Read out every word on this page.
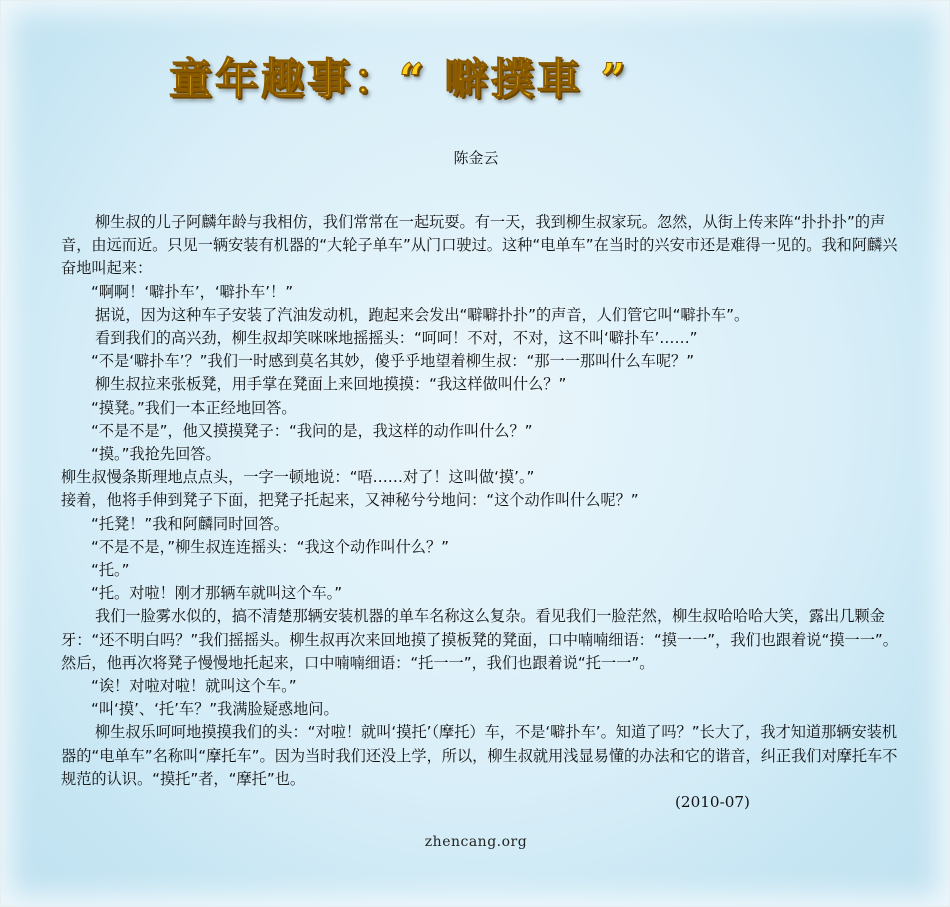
童年趣事：“ 噼撲車 ”
陈金云

柳生叔的儿子阿麟年龄与我相仿，我们常常在一起玩耍。有一天，我到柳生叔家玩。忽然，从街上传来阵“扑扑扑”的声音，由远而近。只见一辆安装有机器的“大轮子单车”从门口驶过。这种“电单车”在当时的兴安市还是难得一见的。我和阿麟兴奋地叫起来：

“啊啊！‘噼扑车’，‘噼扑车’！”

据说，因为这种车子安装了汽油发动机，跑起来会发出“噼噼扑扑”的声音，人们管它叫“噼扑车”。

看到我们的高兴劲，柳生叔却笑咪咪地摇摇头：“呵呵！不对，不对，这不叫‘噼扑车’……”

“不是‘噼扑车’？”我们一时感到莫名其妙，傻乎乎地望着柳生叔：“那一一那叫什么车呢？”

柳生叔拉来张板凳，用手掌在凳面上来回地摸摸：“我这样做叫什么？”

“摸凳。”我们一本正经地回答。

“不是不是”，他又摸摸凳子：“我问的是，我这样的动作叫什么？”

“摸。”我抢先回答。

柳生叔慢条斯理地点点头，一字一顿地说：“唔……对了！这叫做‘摸’。”

接着，他将手伸到凳子下面，把凳子托起来，又神秘兮兮地问：“这个动作叫什么呢？”

“托凳！”我和阿麟同时回答。

“不是不是，”柳生叔连连摇头：“我这个动作叫什么？”

“托。”

“托。对啦！刚才那辆车就叫这个车。”

我们一脸雾水似的，搞不清楚那辆安装机器的单车名称这么复杂。看见我们一脸茫然，柳生叔哈哈哈大笑，露出几颗金牙：“还不明白吗？”我们摇摇头。柳生叔再次来回地摸了摸板凳的凳面，口中喃喃细语：“摸一一”，我们也跟着说“摸一一”。然后，他再次将凳子慢慢地托起来，口中喃喃细语：“托一一”，我们也跟着说“托一一”。

“诶！对啦对啦！就叫这个车。”

“叫‘摸’、‘托’车？”我满脸疑惑地问。

柳生叔乐呵呵地摸摸我们的头：“对啦！就叫‘摸托’（摩托）车，不是‘噼扑车’。知道了吗？”长大了，我才知道那辆安装机器的“电单车”名称叫“摩托车”。因为当时我们还没上学，所以，柳生叔就用浅显易懂的办法和它的谐音，纠正我们对摩托车不规范的认识。“摸托”者，“摩托”也。

(2010-07)

zhencang.org
